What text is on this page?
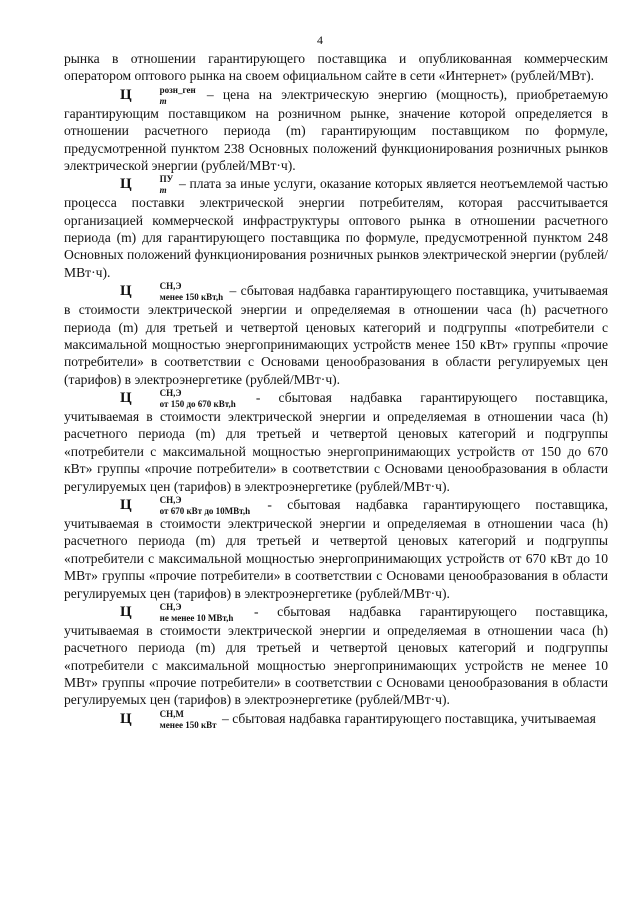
4

рынка в отношении гарантирующего поставщика и опубликованная коммерческим оператором оптового рынка на своем официальном сайте в сети «Интернет» (рублей/МВт).

Ц	розн_ген
m	– цена на электрическую энергию (мощность), приобретаемую гарантирующим поставщиком на розничном рынке, значение которой определяется в отношении расчетного периода (m) гарантирующим поставщиком по формуле, предусмотренной пунктом 238 Основных положений функционирования розничных рынков электрической энергии (рублей/МВт·ч).

Ц	ПУ
m – плата за иные услуги, оказание которых является неотъемлемой частью процесса поставки электрической энергии потребителям, которая рассчитывается организацией коммерческой инфраструктуры оптового рынка в отношении расчетного периода (m) для гарантирующего поставщика по формуле, предусмотренной пунктом 248 Основных положений функционирования розничных рынков электрической энергии (рублей/МВт·ч).

Ц	СН,Э
менее 150 кВт,h – сбытовая надбавка гарантирующего поставщика, учитываемая в стоимости электрической энергии и определяемая в отношении часа (h) расчетного периода (m) для третьей и четвертой ценовых категорий и подгруппы «потребители с максимальной мощностью энергопринимающих устройств менее 150 кВт» группы «прочие потребители» в соответствии с Основами ценообразования в области регулируемых цен (тарифов) в электроэнергетике (рублей/МВт·ч).

Ц	СН,Э
от 150 до 670 кВт,h - сбытовая надбавка гарантирующего поставщика, учитываемая в стоимости электрической энергии и определяемая в отношении часа (h) расчетного периода (m) для третьей и четвертой ценовых категорий и подгруппы «потребители с максимальной мощностью энергопринимающих устройств от 150 до 670 кВт» группы «прочие потребители» в соответствии с Основами ценообразования в области регулируемых цен (тарифов) в электроэнергетике (рублей/МВт·ч).

Ц	СН,Э
от 670 кВт до 10МВт,h - сбытовая надбавка гарантирующего поставщика, учитываемая в стоимости электрической энергии и определяемая в отношении часа (h) расчетного периода (m) для третьей и четвертой ценовых категорий и подгруппы «потребители с максимальной мощностью энергопринимающих устройств от 670 кВт до 10 МВт» группы «прочие потребители» в соответствии с Основами ценообразования в области регулируемых цен (тарифов) в электроэнергетике (рублей/МВт·ч).

Ц	СН,Э
не менее 10 МВт,h - сбытовая надбавка гарантирующего поставщика, учитываемая в стоимости электрической энергии и определяемая в отношении часа (h) расчетного периода (m) для третьей и четвертой ценовых категорий и подгруппы «потребители с максимальной мощностью энергопринимающих устройств не менее 10 МВт» группы «прочие потребители» в соответствии с Основами ценообразования в области регулируемых цен (тарифов) в электроэнергетике (рублей/МВт·ч).

Ц	СН,М
менее 150 кВт – сбытовая надбавка гарантирующего поставщика, учитываемая
